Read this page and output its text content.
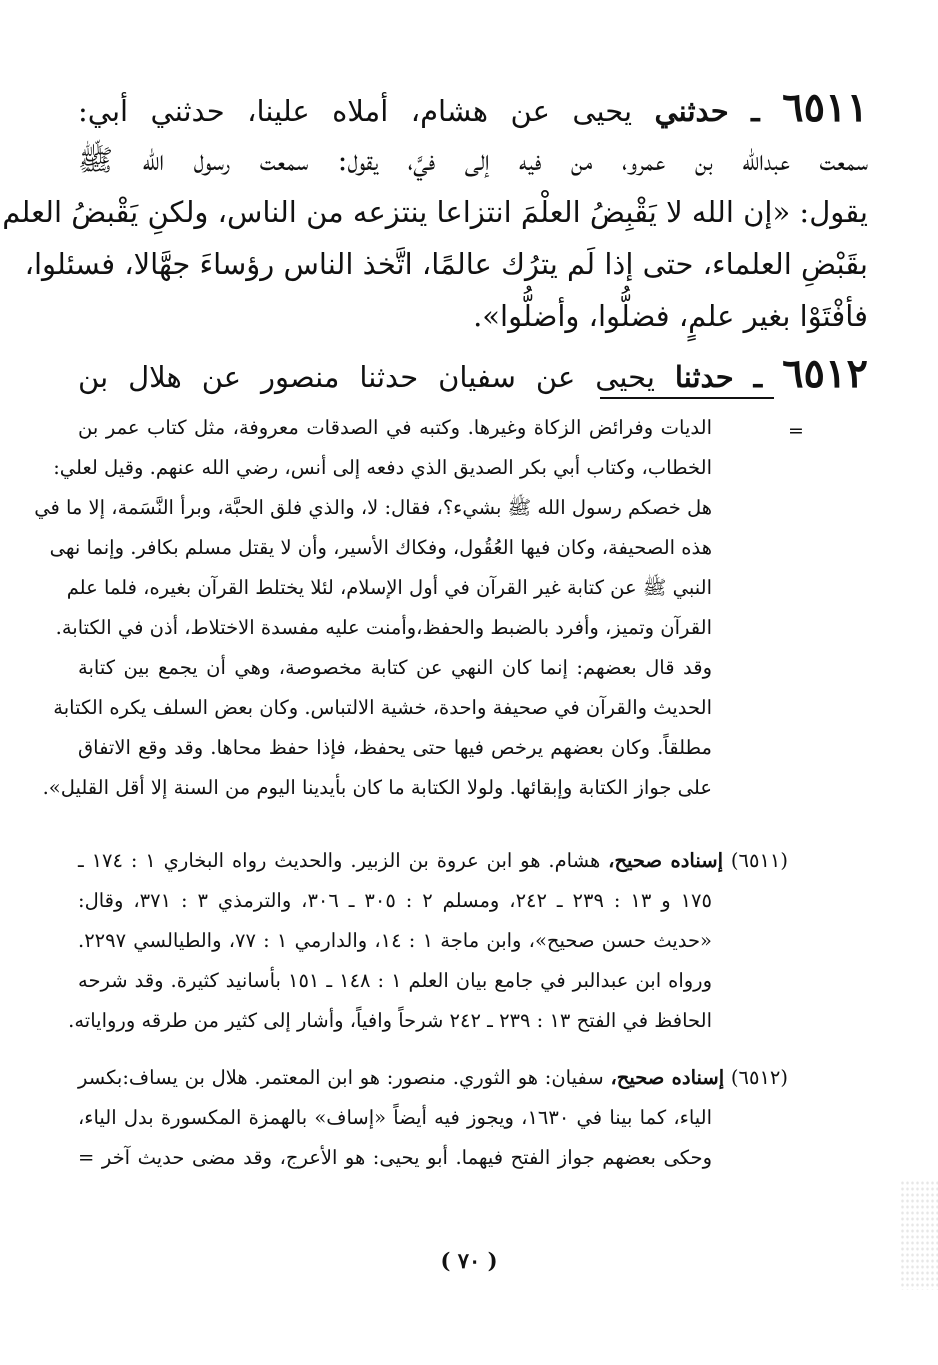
٦٥١١ ـ حدثني يحيى عن هشام، أملاه علينا، حدثني أبي:
سمعت عبدالله بن عمرو، من فيه إلى فيَّ، يقول: سمعت رسول الله ﷺ
يقول: «إن الله لا يَقْبِضُ العلْمَ انتزاعا ينتزعه من الناس، ولكنِ يَقْبضُ العلم
بقَبْضِ العلماء، حتى إذا لَم يترُك عالمًا، اتَّخذ الناس رؤساءَ جهَّالا، فسئلوا،
فأفْتَوْا بغير علمٍ، فضلُّوا، وأضلُّوا».
٦٥١٢ ـ حدثنا يحيى عن سفيان حدثنا منصور عن هلال بن
=
الديات وفرائض الزكاة وغيرها. وكتبه في الصدقات معروفة، مثل كتاب عمر بن
الخطاب، وكتاب أبي بكر الصديق الذي دفعه إلى أنس، رضي الله عنهم. وقيل لعلي:
هل خصكم رسول الله ﷺ بشيء؟، فقال: لا، والذي فلق الحبَّة، وبرأ النَّسَمة، إلا ما في
هذه الصحيفة، وكان فيها العُقُول، وفكاك الأسير، وأن لا يقتل مسلم بكافر. وإنما نهى
النبي ﷺ عن كتابة غير القرآن في أول الإسلام، لئلا يختلط القرآن بغيره، فلما علم
القرآن وتميز، وأفرد بالضبط والحفظ،وأمنت عليه مفسدة الاختلاط، أذن في الكتابة.
وقد قال بعضهم: إنما كان النهي عن كتابة مخصوصة، وهي أن يجمع بين كتابة
الحديث والقرآن في صحيفة واحدة، خشية الالتباس. وكان بعض السلف يكره الكتابة
مطلقاً. وكان بعضهم يرخص فيها حتى يحفظ، فإذا حفظ محاها. وقد وقع الاتفاق
على جواز الكتابة وإبقائها. ولولا الكتابة ما كان بأيدينا اليوم من السنة إلا أقل القليل».
(٦٥١١) إسناده صحيح، هشام. هو ابن عروة بن الزبير. والحديث رواه البخاري ١ : ١٧٤ ـ
١٧٥ و ١٣ : ٢٣٩ ـ ٢٤٢، ومسلم ٢ : ٣٠٥ ـ ٣٠٦، والترمذي ٣ : ٣٧١، وقال:
«حديث حسن صحيح»، وابن ماجة ١ : ١٤، والدارمي ١ : ٧٧، والطيالسي ٢٢٩٧.
ورواه ابن عبدالبر في جامع بيان العلم ١ : ١٤٨ ـ ١٥١ بأسانيد كثيرة. وقد شرحه
الحافظ في الفتح ١٣ : ٢٣٩ ـ ٢٤٢ شرحاً وافياً، وأشار إلى كثير من طرقه ورواياته.
(٦٥١٢) إسناده صحيح، سفيان: هو الثوري. منصور: هو ابن المعتمر. هلال بن يساف:بكسر
الياء، كما بينا في ١٦٣٠، ويجوز فيه أيضاً «إساف» بالهمزة المكسورة بدل الياء،
وحكى بعضهم جواز الفتح فيهما. أبو يحيى: هو الأعرج، وقد مضى حديث آخر =
( ٧٠ )
